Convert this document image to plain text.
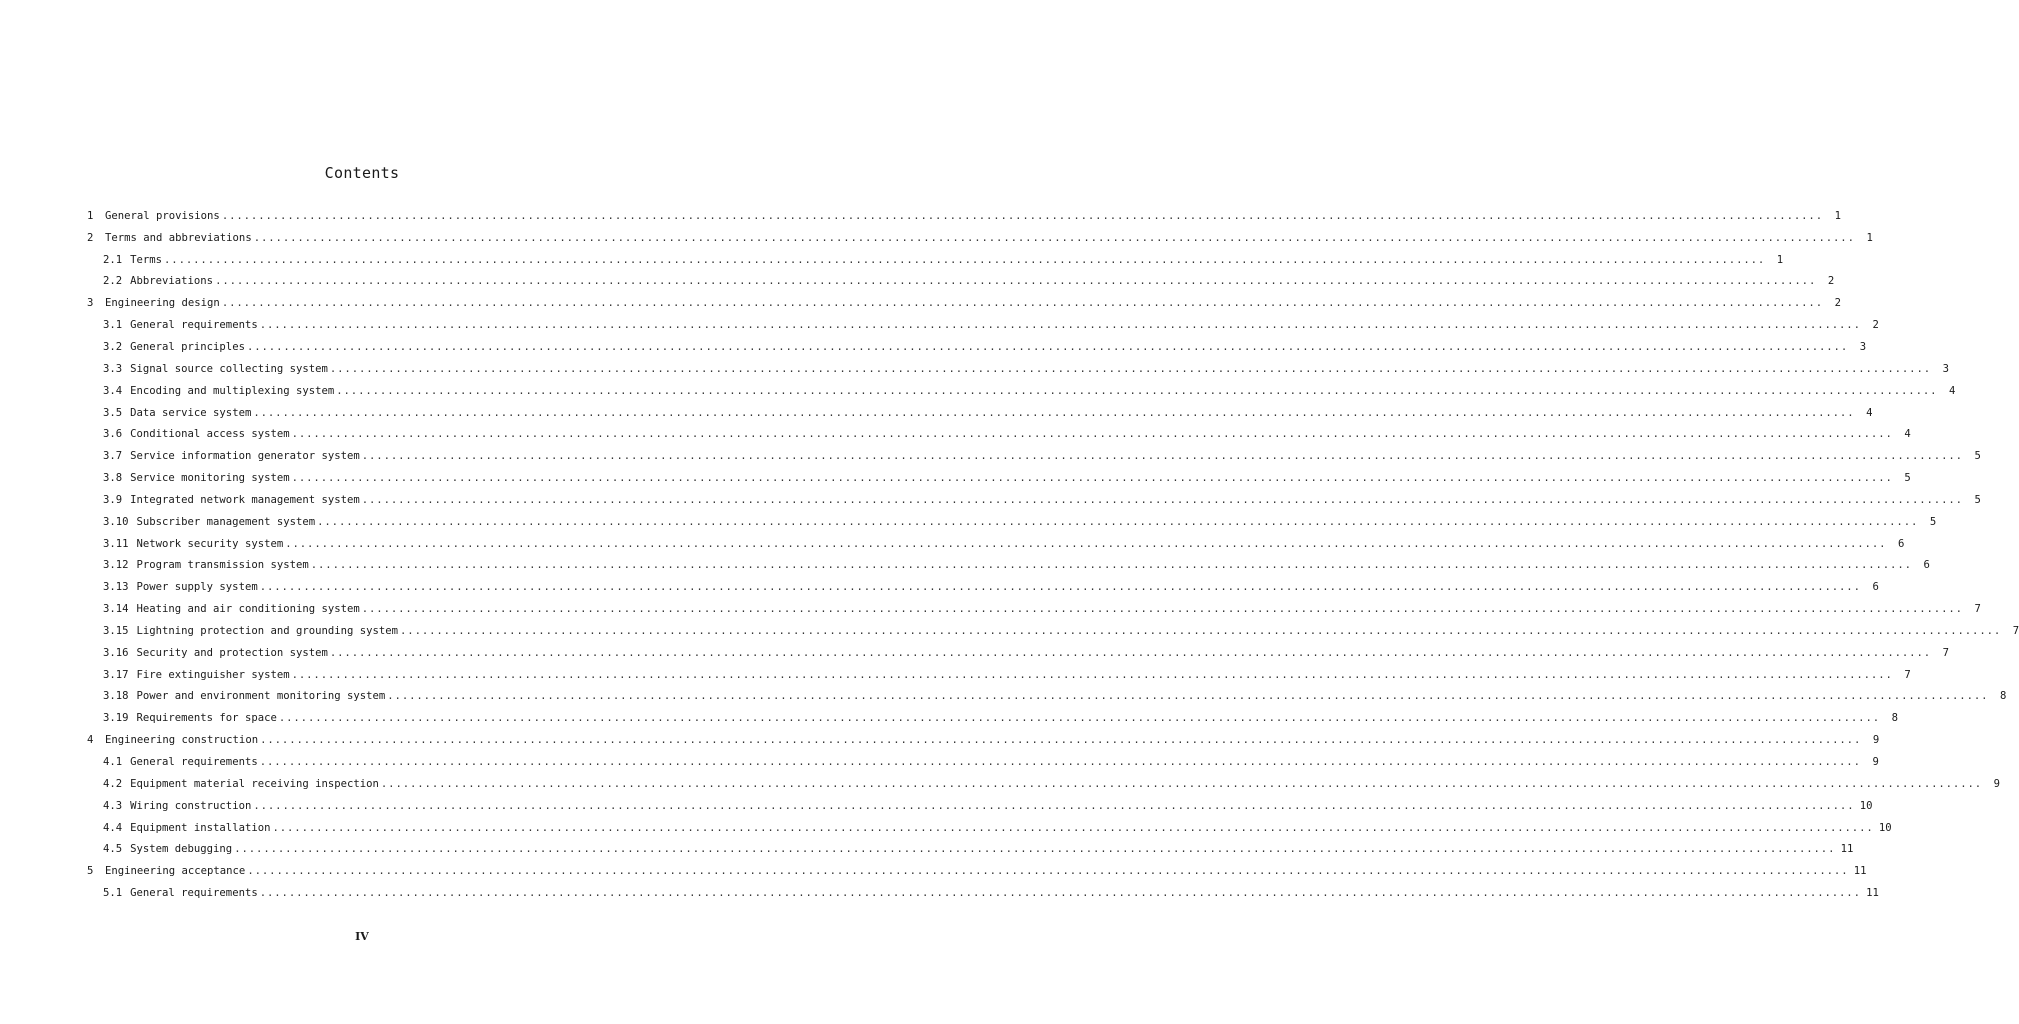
Contents
1	General provisions ............................................................................................................................................................................................................................	1
2	Terms and abbreviations ............................................................................................................................................................................................................................	1
2.1 Terms ............................................................................................................................................................................................................................	1
2.2 Abbreviations ............................................................................................................................................................................................................................	2
3	Engineering design ............................................................................................................................................................................................................................	2
3.1 General requirements ............................................................................................................................................................................................................................	2
3.2 General principles ............................................................................................................................................................................................................................	3
3.3 Signal source collecting system ............................................................................................................................................................................................................................	3
3.4 Encoding and multiplexing system ............................................................................................................................................................................................................................	4
3.5 Data service system ............................................................................................................................................................................................................................	4
3.6 Conditional access system ............................................................................................................................................................................................................................	4
3.7 Service information generator system ............................................................................................................................................................................................................................	5
3.8 Service monitoring system ............................................................................................................................................................................................................................	5
3.9 Integrated network management system ............................................................................................................................................................................................................................	5
3.10 Subscriber management system ............................................................................................................................................................................................................................	5
3.11 Network security system ............................................................................................................................................................................................................................	6
3.12 Program transmission system ............................................................................................................................................................................................................................	6
3.13 Power supply system ............................................................................................................................................................................................................................	6
3.14 Heating and air conditioning system ............................................................................................................................................................................................................................	7
3.15 Lightning protection and grounding system ............................................................................................................................................................................................................................	7
3.16 Security and protection system ............................................................................................................................................................................................................................	7
3.17 Fire extinguisher system ............................................................................................................................................................................................................................	7
3.18 Power and environment monitoring system ............................................................................................................................................................................................................................	8
3.19 Requirements for space ............................................................................................................................................................................................................................	8
4	Engineering construction ............................................................................................................................................................................................................................	9
4.1 General requirements ............................................................................................................................................................................................................................	9
4.2 Equipment material receiving inspection ............................................................................................................................................................................................................................	9
4.3 Wiring construction ............................................................................................................................................................................................................................ 10
4.4 Equipment installation ............................................................................................................................................................................................................................ 10
4.5 System debugging ............................................................................................................................................................................................................................ 11
5	Engineering acceptance ............................................................................................................................................................................................................................ 11
5.1 General requirements ............................................................................................................................................................................................................................ 11
IV
